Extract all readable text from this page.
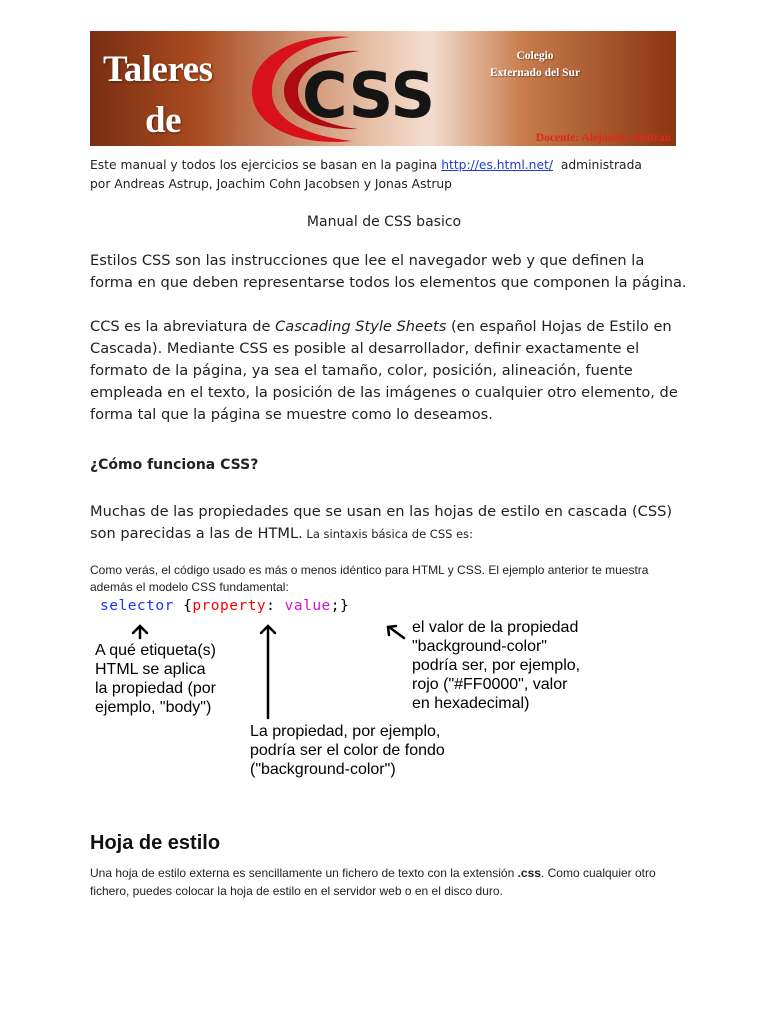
Taleres
de CSS
Colegio
Externado del Sur
Docente: Alejandro Beltran
Este manual y todos los ejercicios se basan en la pagina http://es.html.net/  administrada
por Andreas Astrup, Joachim Cohn Jacobsen y Jonas Astrup
Manual de CSS basico
Estilos CSS son las instrucciones que lee el navegador web y que definen la forma en que deben representarse todos los elementos que componen la página.
CCS es la abreviatura de Cascading Style Sheets (en español Hojas de Estilo en Cascada). Mediante CSS es posible al desarrollador, definir exactamente el formato de la página, ya sea el tamaño, color, posición, alineación, fuente empleada en el texto, la posición de las imágenes o cualquier otro elemento, de forma tal que la página se muestre como lo deseamos.
¿Cómo funciona CSS?
Muchas de las propiedades que se usan en las hojas de estilo en cascada (CSS) son parecidas a las de HTML. La sintaxis básica de CSS es:
Como verás, el código usado es más o menos idéntico para HTML y CSS. El ejemplo anterior te muestra además el modelo CSS fundamental:
selector {property: value;}
A qué etiqueta(s)
HTML se aplica
la propiedad (por
ejemplo, "body")
La propiedad, por ejemplo,
podría ser el color de fondo
("background-color")
el valor de la propiedad
"background-color"
podría ser, por ejemplo,
rojo ("#FF0000", valor
en hexadecimal)
Hoja de estilo
Una hoja de estilo externa es sencillamente un fichero de texto con la extensión .css. Como cualquier otro fichero, puedes colocar la hoja de estilo en el servidor web o en el disco duro.
